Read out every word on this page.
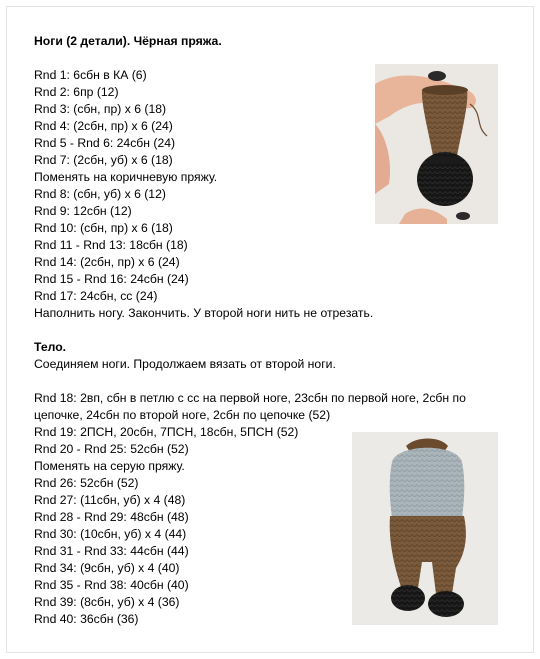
Ноги (2 детали). Чёрная пряжа.
Rnd 1: 6сбн в КА (6)
Rnd 2: 6пр (12)
Rnd 3: (сбн, пр) х 6 (18)
Rnd 4: (2сбн, пр) х 6 (24)
Rnd 5 - Rnd 6: 24сбн (24)
Rnd 7: (2сбн, уб) х 6 (18)
Поменять на коричневую пряжу.
Rnd 8: (сбн, уб) х 6 (12)
Rnd 9: 12сбн (12)
Rnd 10: (сбн, пр) х 6 (18)
Rnd 11 - Rnd 13: 18сбн (18)
Rnd 14: (2сбн, пр) х 6 (24)
Rnd 15 - Rnd 16: 24сбн (24)
Rnd 17: 24сбн, сс (24)
Наполнить ногу. Закончить. У второй ноги нить не отрезать.
Тело.
Соединяем ноги. Продолжаем вязать от второй ноги.
Rnd 18: 2вп, сбн в петлю с сс на первой ноге, 23сбн по первой ноге, 2сбн по
цепочке, 24сбн по второй ноге, 2сбн по цепочке (52)
Rnd 19: 2ПСН, 20сбн, 7ПСН, 18сбн, 5ПСН (52)
Rnd 20 - Rnd 25: 52сбн (52)
Поменять на серую пряжу.
Rnd 26: 52сбн (52)
Rnd 27: (11сбн, уб) х 4 (48)
Rnd 28 - Rnd 29: 48сбн (48)
Rnd 30: (10сбн, уб) х 4 (44)
Rnd 31 - Rnd 33: 44сбн (44)
Rnd 34: (9сбн, уб) х 4 (40)
Rnd 35 - Rnd 38: 40сбн (40)
Rnd 39: (8сбн, уб) х 4 (36)
Rnd 40: 36сбн (36)
